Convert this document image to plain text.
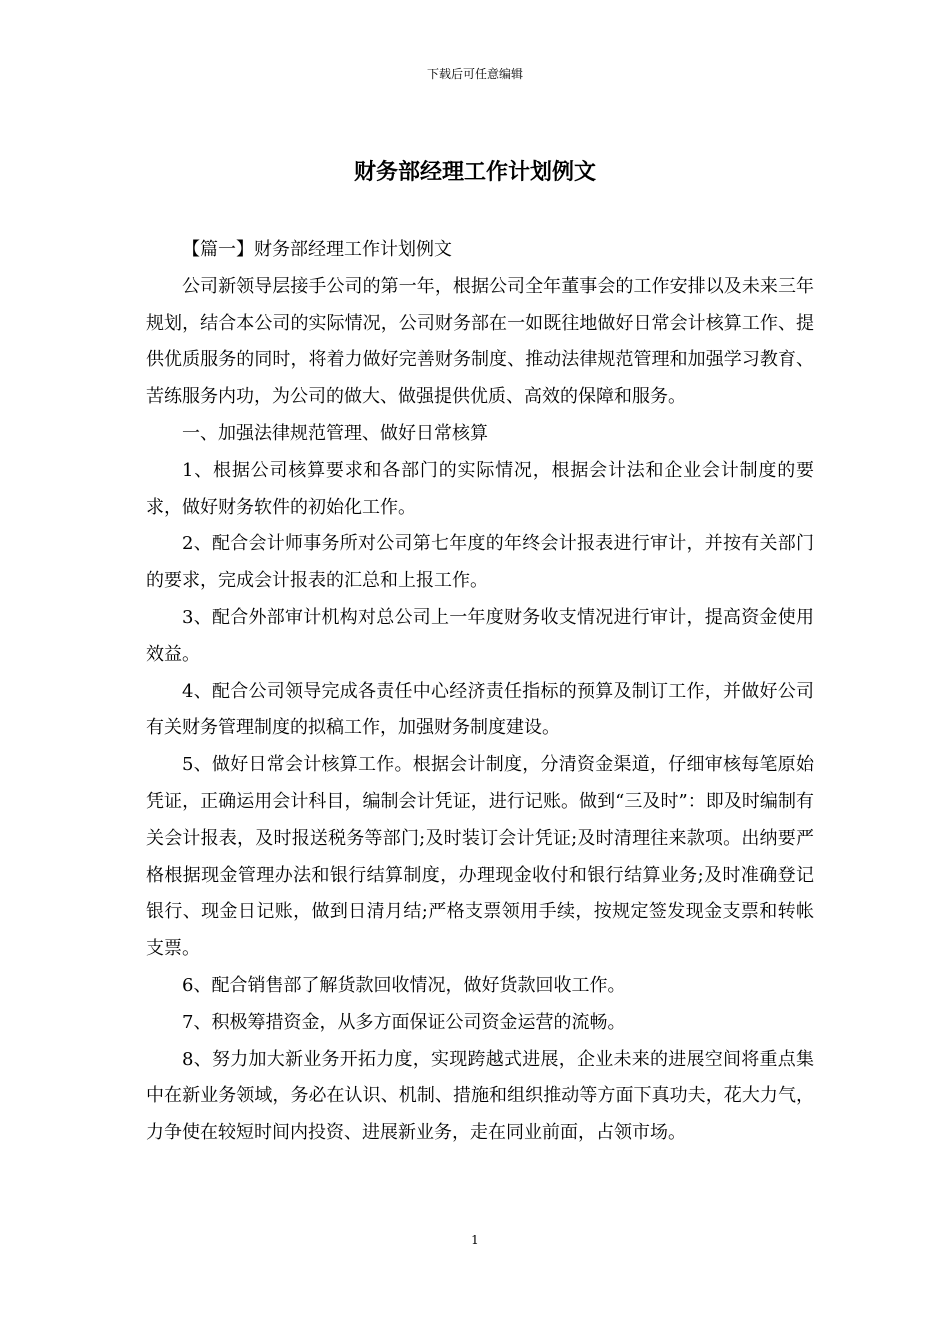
下载后可任意编辑
财务部经理工作计划例文

【篇一】财务部经理工作计划例文

公司新领导层接手公司的第一年，根据公司全年董事会的工作安排以及未来三年规划，结合本公司的实际情况，公司财务部在一如既往地做好日常会计核算工作、提供优质服务的同时，将着力做好完善财务制度、推动法律规范管理和加强学习教育、苦练服务内功，为公司的做大、做强提供优质、高效的保障和服务。

一、加强法律规范管理、做好日常核算

1、根据公司核算要求和各部门的实际情况，根据会计法和企业会计制度的要求，做好财务软件的初始化工作。

2、配合会计师事务所对公司第七年度的年终会计报表进行审计，并按有关部门的要求，完成会计报表的汇总和上报工作。

3、配合外部审计机构对总公司上一年度财务收支情况进行审计，提高资金使用效益。

4、配合公司领导完成各责任中心经济责任指标的预算及制订工作，并做好公司有关财务管理制度的拟稿工作，加强财务制度建设。

5、做好日常会计核算工作。根据会计制度，分清资金渠道，仔细审核每笔原始凭证，正确运用会计科目，编制会计凭证，进行记账。做到“三及时”：即及时编制有关会计报表，及时报送税务等部门;及时装订会计凭证;及时清理往来款项。出纳要严格根据现金管理办法和银行结算制度，办理现金收付和银行结算业务;及时准确登记银行、现金日记账，做到日清月结;严格支票领用手续，按规定签发现金支票和转帐支票。

6、配合销售部了解货款回收情况，做好货款回收工作。

7、积极筹措资金，从多方面保证公司资金运营的流畅。

8、努力加大新业务开拓力度，实现跨越式进展，企业未来的进展空间将重点集中在新业务领域，务必在认识、机制、措施和组织推动等方面下真功夫，花大力气，力争使在较短时间内投资、进展新业务，走在同业前面，占领市场。

1
